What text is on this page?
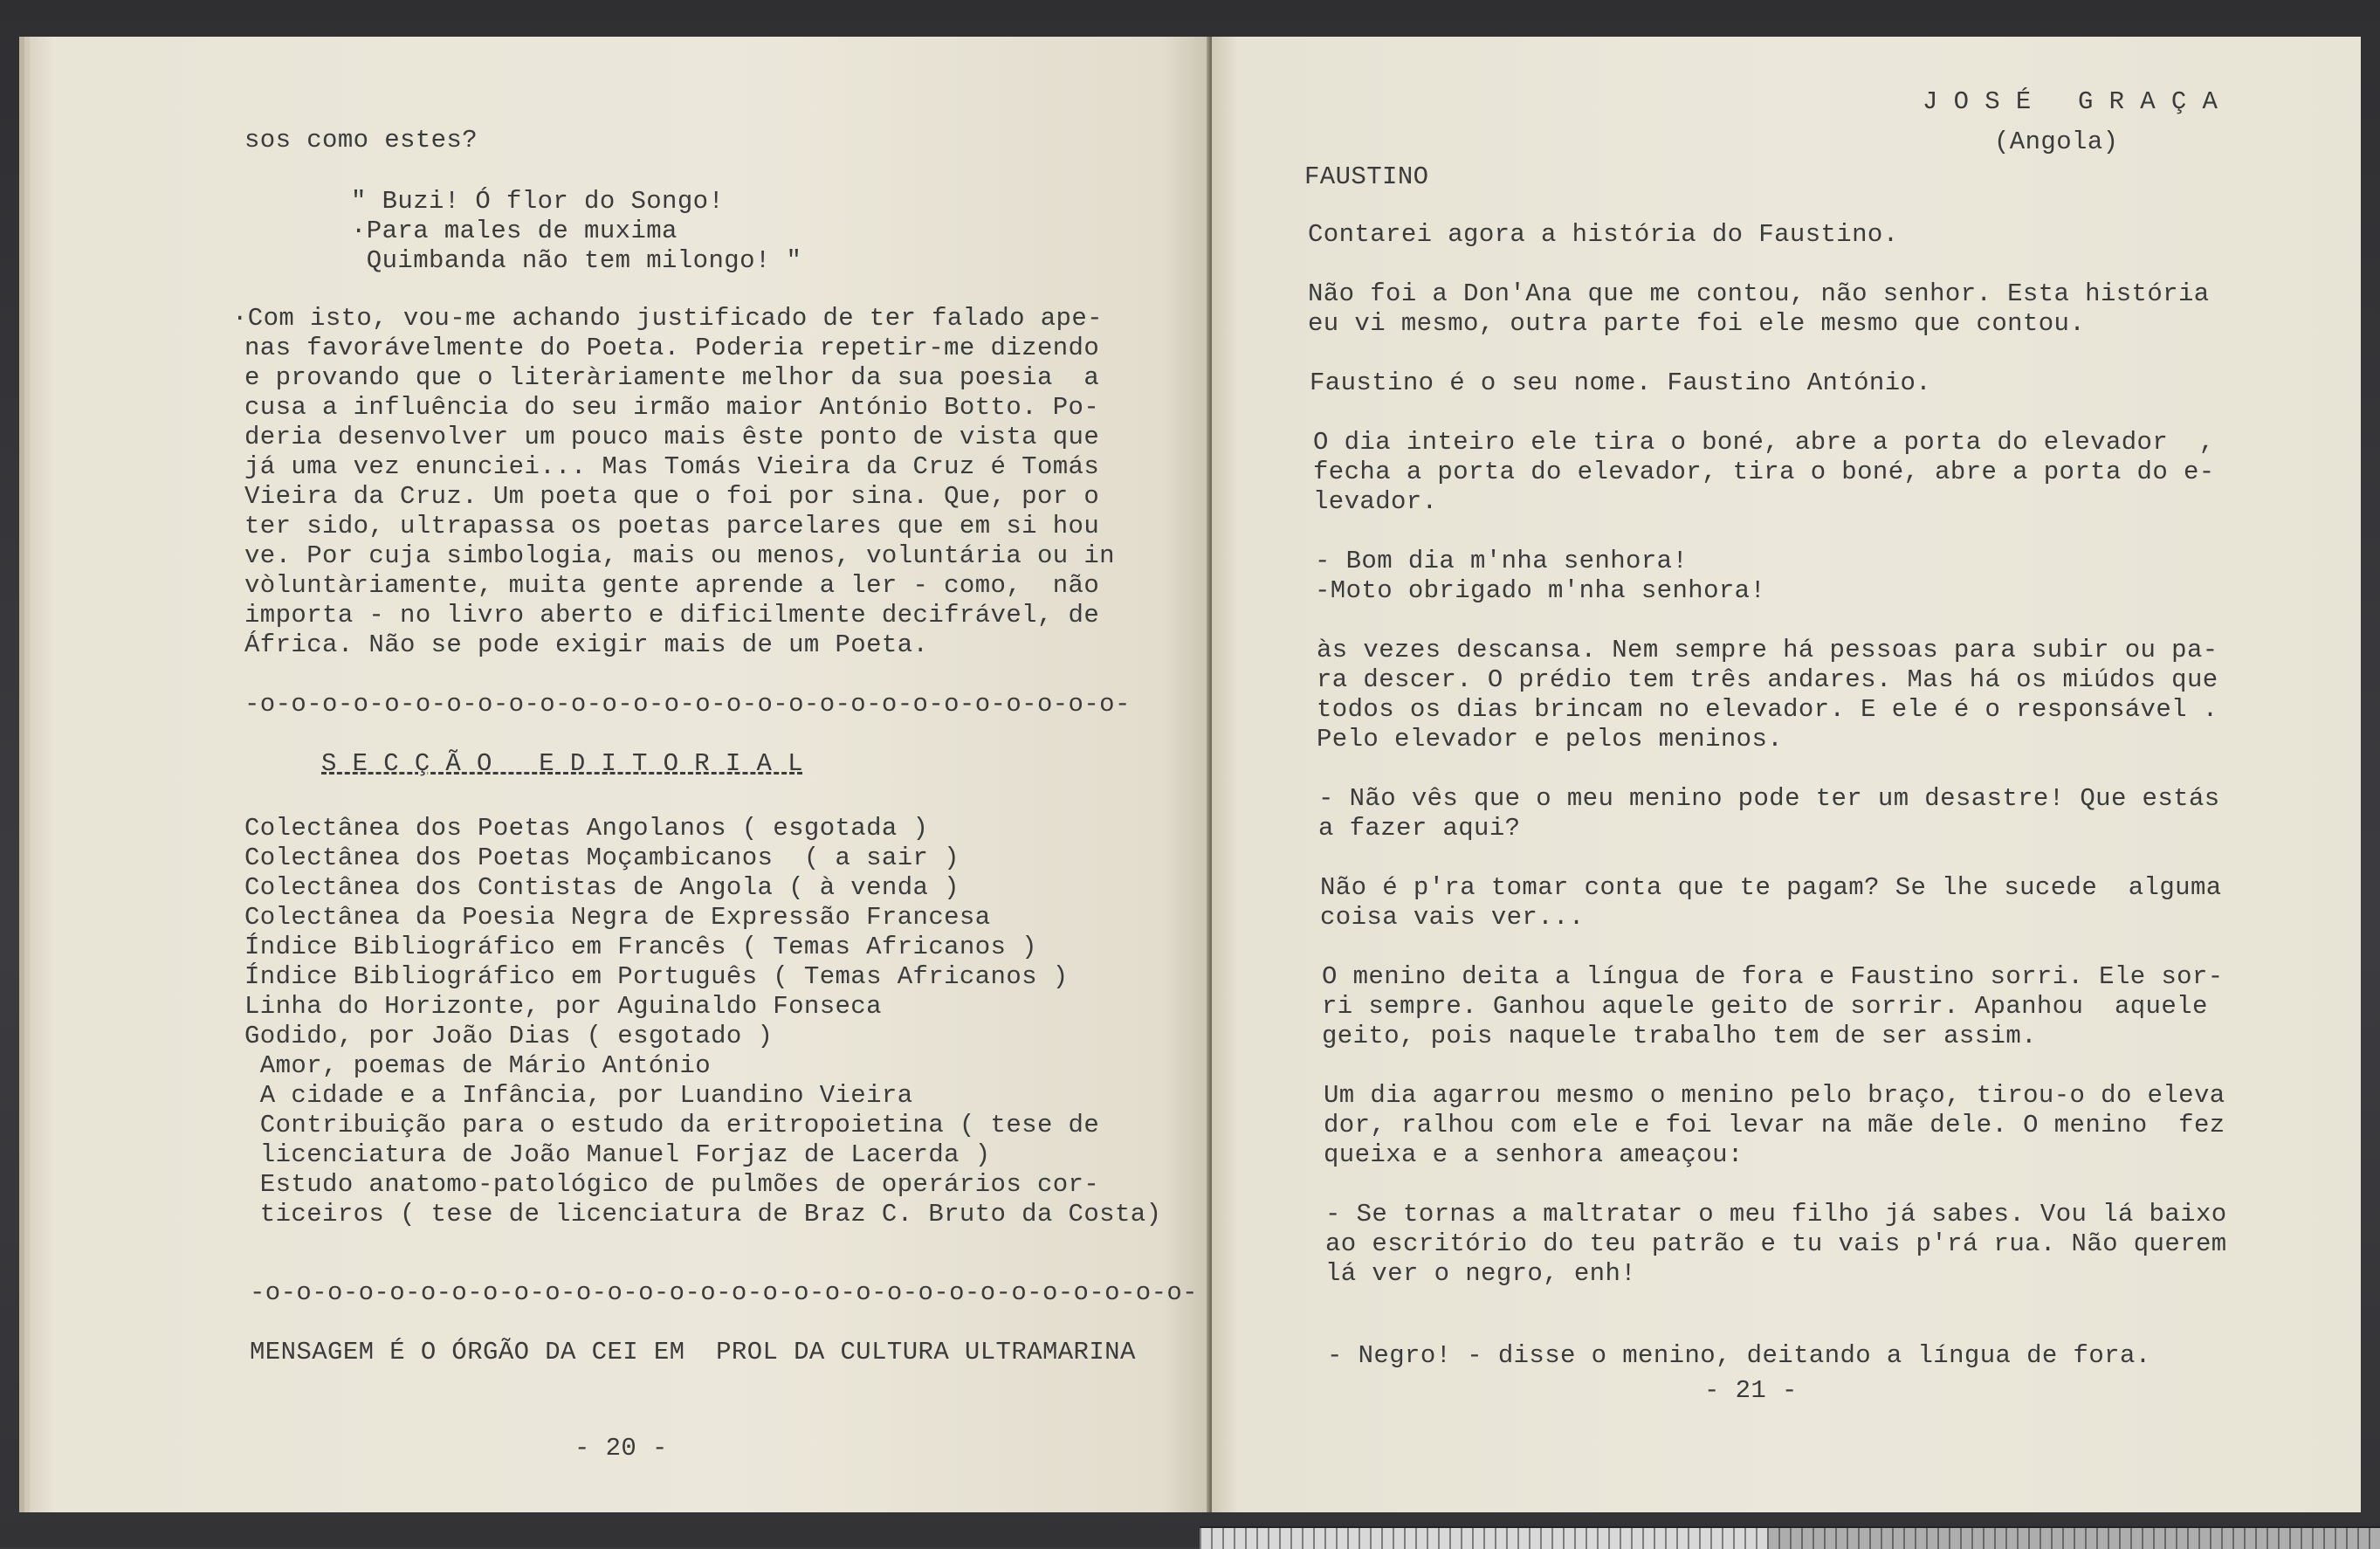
sos como estes?
" Buzi! Ó flor do Songo!
·Para males de muxima
Quimbanda não tem milongo! "
·Com isto, vou-me achando justificado de ter falado ape-
nas favorávelmente do Poeta. Poderia repetir-me dizendo
e provando que o literàriamente melhor da sua poesia  a
cusa a influência do seu irmão maior António Botto. Po-
deria desenvolver um pouco mais êste ponto de vista que
já uma vez enunciei... Mas Tomás Vieira da Cruz é Tomás
Vieira da Cruz. Um poeta que o foi por sina. Que, por o
ter sido, ultrapassa os poetas parcelares que em si hou
ve. Por cuja simbologia, mais ou menos, voluntária ou in
vòluntàriamente, muita gente aprende a ler - como,  não
importa - no livro aberto e dificilmente decifrável, de
África. Não se pode exigir mais de um Poeta.
-o-o-o-o-o-o-o-o-o-o-o-o-o-o-o-o-o-o-o-o-o-o-o-o-o-o-o-o-
S E C Ç Ã O   E D I T O R I A L
Colectânea dos Poetas Angolanos ( esgotada )
Colectânea dos Poetas Moçambicanos  ( a sair )
Colectânea dos Contistas de Angola ( à venda )
Colectânea da Poesia Negra de Expressão Francesa
Índice Bibliográfico em Francês ( Temas Africanos )
Índice Bibliográfico em Português ( Temas Africanos )
Linha do Horizonte, por Aguinaldo Fonseca
Godido, por João Dias ( esgotado )
Amor, poemas de Mário António
A cidade e a Infância, por Luandino Vieira
Contribuição para o estudo da eritropoietina ( tese de
licenciatura de João Manuel Forjaz de Lacerda )
Estudo anatomo-patológico de pulmões de operários cor-
ticeiros ( tese de licenciatura de Braz C. Bruto da Costa)
-o-o-o-o-o-o-o-o-o-o-o-o-o-o-o-o-o-o-o-o-o-o-o-o-o-o-o-o-o-o-
MENSAGEM É O ÓRGÃO DA CEI EM  PROL DA CULTURA ULTRAMARINA
- 20 -
J O S É   G R A Ç A
(Angola)
FAUSTINO
Contarei agora a história do Faustino.
Não foi a Don'Ana que me contou, não senhor. Esta história
eu vi mesmo, outra parte foi ele mesmo que contou.
Faustino é o seu nome. Faustino António.
O dia inteiro ele tira o boné, abre a porta do elevador  ,
fecha a porta do elevador, tira o boné, abre a porta do e-
levador.
- Bom dia m'nha senhora!
-Moto obrigado m'nha senhora!
às vezes descansa. Nem sempre há pessoas para subir ou pa-
ra descer. O prédio tem três andares. Mas há os miúdos que
todos os dias brincam no elevador. E ele é o responsável .
Pelo elevador e pelos meninos.
- Não vês que o meu menino pode ter um desastre! Que estás
a fazer aqui?
Não é p'ra tomar conta que te pagam? Se lhe sucede  alguma
coisa vais ver...
O menino deita a língua de fora e Faustino sorri. Ele sor-
ri sempre. Ganhou aquele geito de sorrir. Apanhou  aquele
geito, pois naquele trabalho tem de ser assim.
Um dia agarrou mesmo o menino pelo braço, tirou-o do eleva
dor, ralhou com ele e foi levar na mãe dele. O menino  fez
queixa e a senhora ameaçou:
- Se tornas a maltratar o meu filho já sabes. Vou lá baixo
ao escritório do teu patrão e tu vais p'rá rua. Não querem
lá ver o negro, enh!
- Negro! - disse o menino, deitando a língua de fora.
- 21 -
